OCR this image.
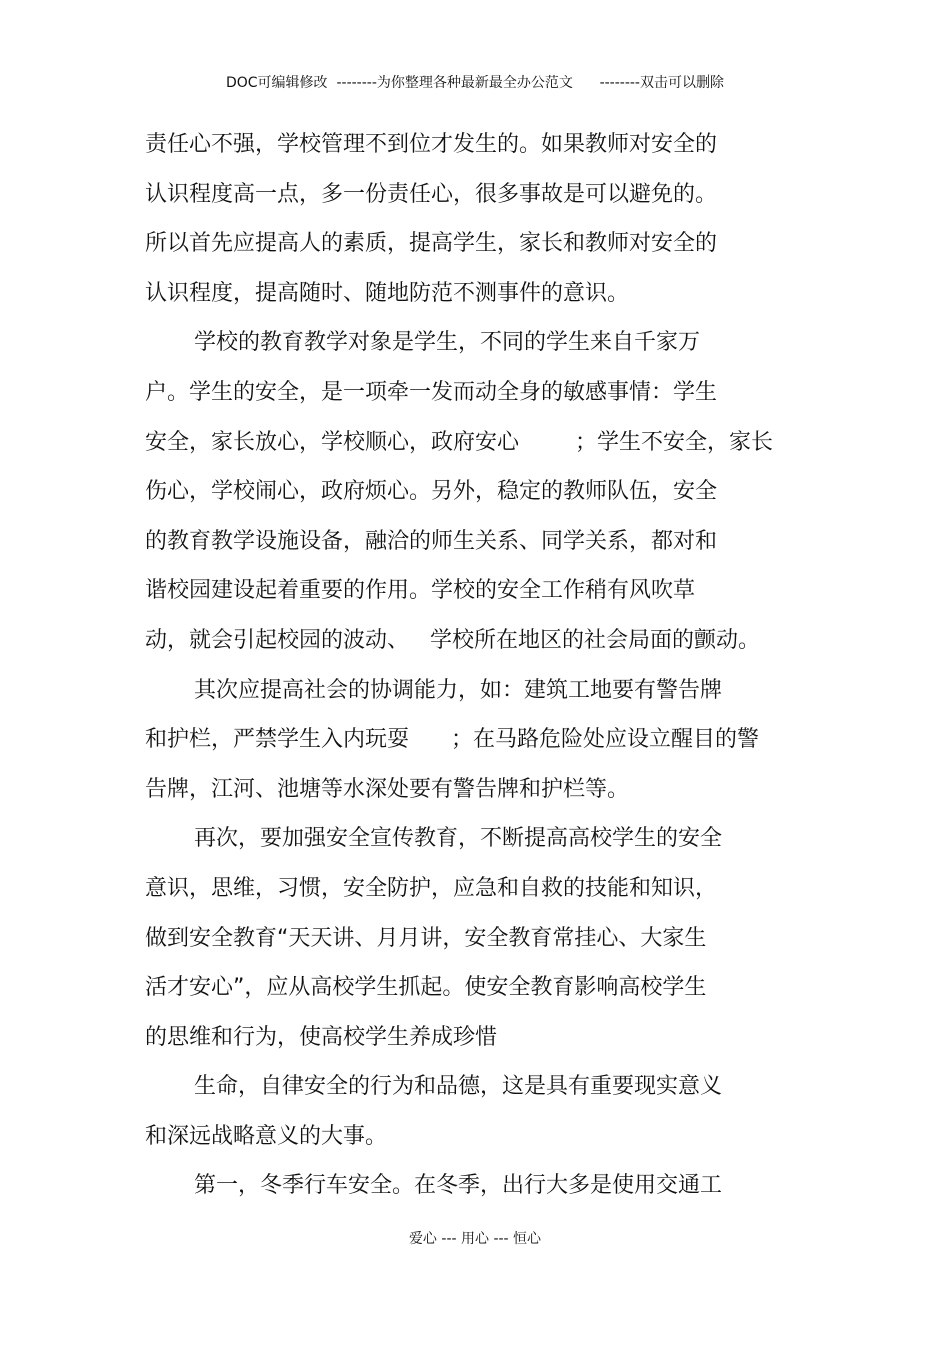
DOC可编辑修改  --------为你整理各种最新最全办公范文      --------双击可以删除
责任心不强，学校管理不到位才发生的。如果教师对安全的
认识程度高一点，多一份责任心，很多事故是可以避免的。
所以首先应提高人的素质，提高学生，家长和教师对安全的
认识程度，提高随时、随地防范不测事件的意识。
学校的教育教学对象是学生，不同的学生来自千家万
户。学生的安全，是一项牵一发而动全身的敏感事情：学生
安全，家长放心，学校顺心，政府安心        ；学生不安全，家长
伤心，学校闹心，政府烦心。另外，稳定的教师队伍，安全
的教育教学设施设备，融洽的师生关系、同学关系，都对和
谐校园建设起着重要的作用。学校的安全工作稍有风吹草
动，就会引起校园的波动、   学校所在地区的社会局面的颤动。
其次应提高社会的协调能力，如：建筑工地要有警告牌
和护栏，严禁学生入内玩耍      ；在马路危险处应设立醒目的警
告牌，江河、池塘等水深处要有警告牌和护栏等。
再次，要加强安全宣传教育，不断提高高校学生的安全
意识，思维，习惯，安全防护，应急和自救的技能和知识，
做到安全教育“天天讲、月月讲，安全教育常挂心、大家生
活才安心”，应从高校学生抓起。使安全教育影响高校学生
的思维和行为，使高校学生养成珍惜
生命，自律安全的行为和品德，这是具有重要现实意义
和深远战略意义的大事。
第一，冬季行车安全。在冬季，出行大多是使用交通工
爱心 --- 用心 --- 恒心
